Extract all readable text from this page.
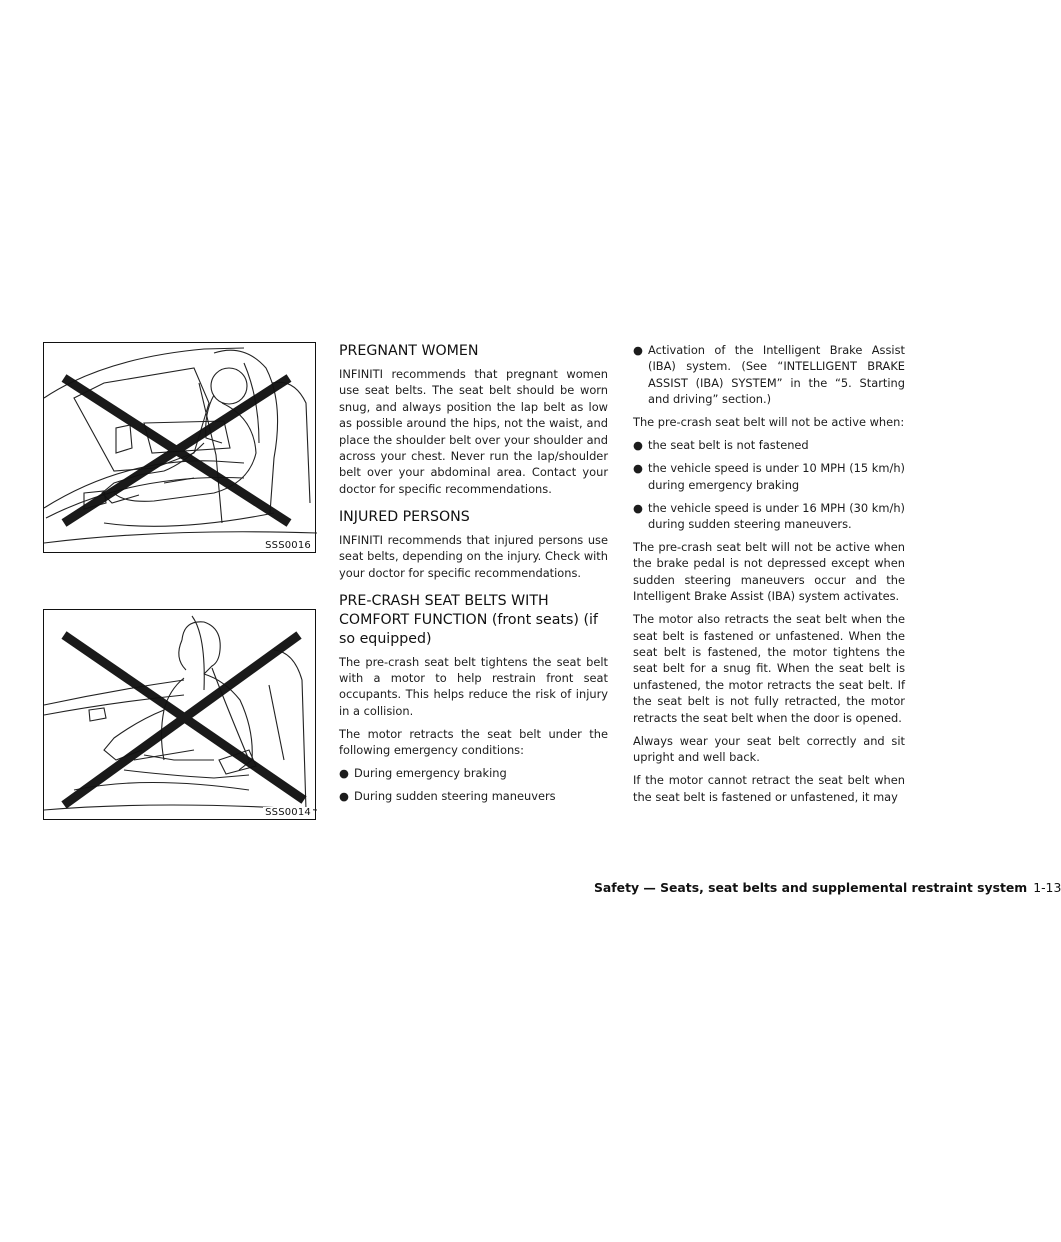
SSS0016
SSS0014
PREGNANT WOMEN

INFINITI recommends that pregnant women use seat belts. The seat belt should be worn snug, and always position the lap belt as low as possible around the hips, not the waist, and place the shoulder belt over your shoulder and across your chest. Never run the lap/shoulder belt over your abdominal area. Contact your doctor for specific recommendations.

INJURED PERSONS

INFINITI recommends that injured persons use seat belts, depending on the injury. Check with your doctor for specific recommendations.

PRE-CRASH SEAT BELTS WITH COMFORT FUNCTION (front seats) (if so equipped)

The pre-crash seat belt tightens the seat belt with a motor to help restrain front seat occupants. This helps reduce the risk of injury in a collision.

The motor retracts the seat belt under the following emergency conditions:

● During emergency braking
● During sudden steering maneuvers
● Activation of the Intelligent Brake Assist (IBA) system. (See “INTELLIGENT BRAKE ASSIST (IBA) SYSTEM” in the “5. Starting and driving” section.)

The pre-crash seat belt will not be active when:

● the seat belt is not fastened
● the vehicle speed is under 10 MPH (15 km/h) during emergency braking
● the vehicle speed is under 16 MPH (30 km/h) during sudden steering maneuvers.

The pre-crash seat belt will not be active when the brake pedal is not depressed except when sudden steering maneuvers occur and the Intelligent Brake Assist (IBA) system activates.

The motor also retracts the seat belt when the seat belt is fastened or unfastened. When the seat belt is fastened, the motor tightens the seat belt for a snug fit. When the seat belt is unfastened, the motor retracts the seat belt. If the seat belt is not fully retracted, the motor retracts the seat belt when the door is opened.

Always wear your seat belt correctly and sit upright and well back.

If the motor cannot retract the seat belt when the seat belt is fastened or unfastened, it may

Safety — Seats, seat belts and supplemental restraint system 1-13
